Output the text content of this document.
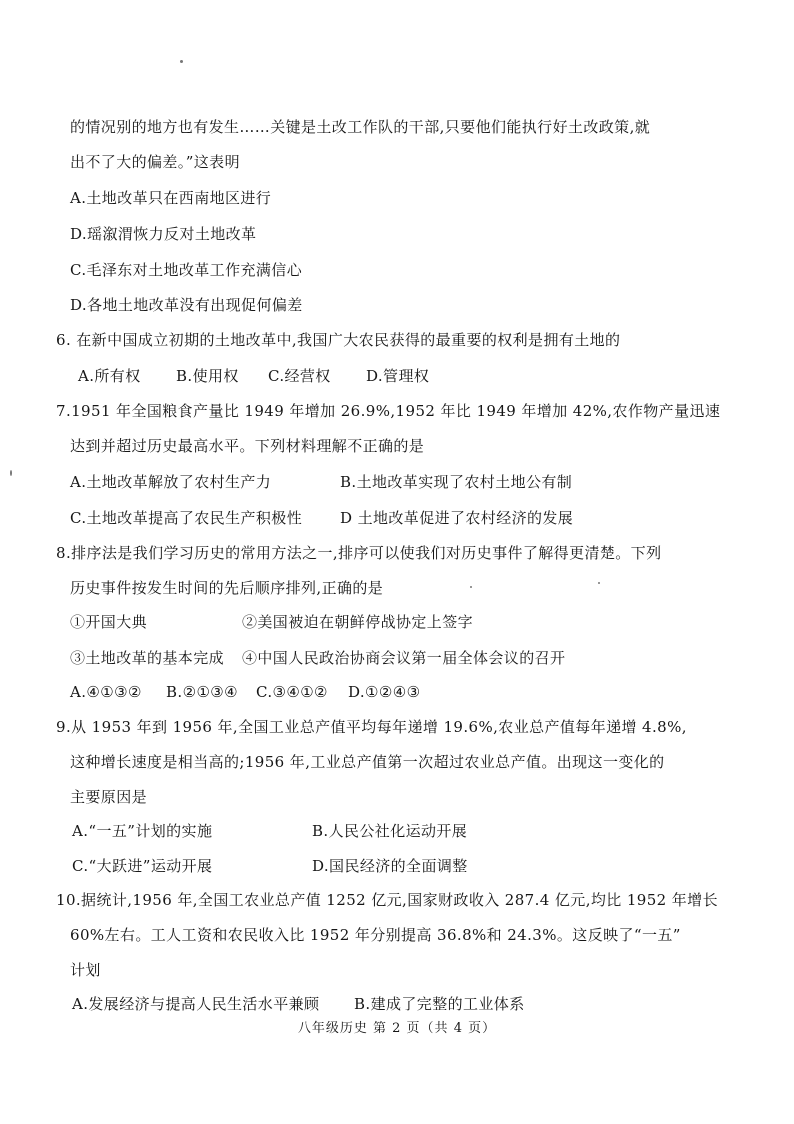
的情况别的地方也有发生……关键是土改工作队的干部,只要他们能执行好土改政策,就
出不了大的偏差。”这表明
A.土地改革只在西南地区进行
D.瑶溆渭恢力反对土地改革
C.毛泽东对土地改革工作充满信心
D.各地土地改革没有出现促何偏差
6. 在新中国成立初期的土地改革中,我国广大农民获得的最重要的权利是拥有土地的
A.所有权 B.使用权 C.经营权 D.管理权
7.1951 年全国粮食产量比 1949 年增加 26.9%,1952 年比 1949 年增加 42%,农作物产量迅速
达到并超过历史最高水平。下列材料理解不正确的是
A.土地改革解放了农村生产力	B.土地改革实现了农村土地公有制
C.土地改革提高了农民生产积极性	D 土地改革促进了农村经济的发展
8.排序法是我们学习历史的常用方法之一,排序可以使我们对历史事件了解得更清楚。下列
历史事件按发生时间的先后顺序排列,正确的是
①开国大典	②美国被迫在朝鲜停战协定上签字
③土地改革的基本完成 ④中国人民政治协商会议第一届全体会议的召开
A.④①③② B.②①③④ C.③④①② D.①②④③
9.从 1953 年到 1956 年,全国工业总产值平均每年递增 19.6%,农业总产值每年递增 4.8%,
这种增长速度是相当高的;1956 年,工业总产值第一次超过农业总产值。出现这一变化的
主要原因是
A.“一五”计划的实施	B.人民公社化运动开展
C.“大跃进”运动开展	D.国民经济的全面调整
10.据统计,1956 年,全国工农业总产值 1252 亿元,国家财政收入 287.4 亿元,均比 1952 年增长
60%左右。工人工资和农民收入比 1952 年分别提高 36.8%和 24.3%。这反映了“一五”
计划
A.发展经济与提高人民生活水平兼顾 B.建成了完整的工业体系
八年级历史 第 2 页（共 4 页）
